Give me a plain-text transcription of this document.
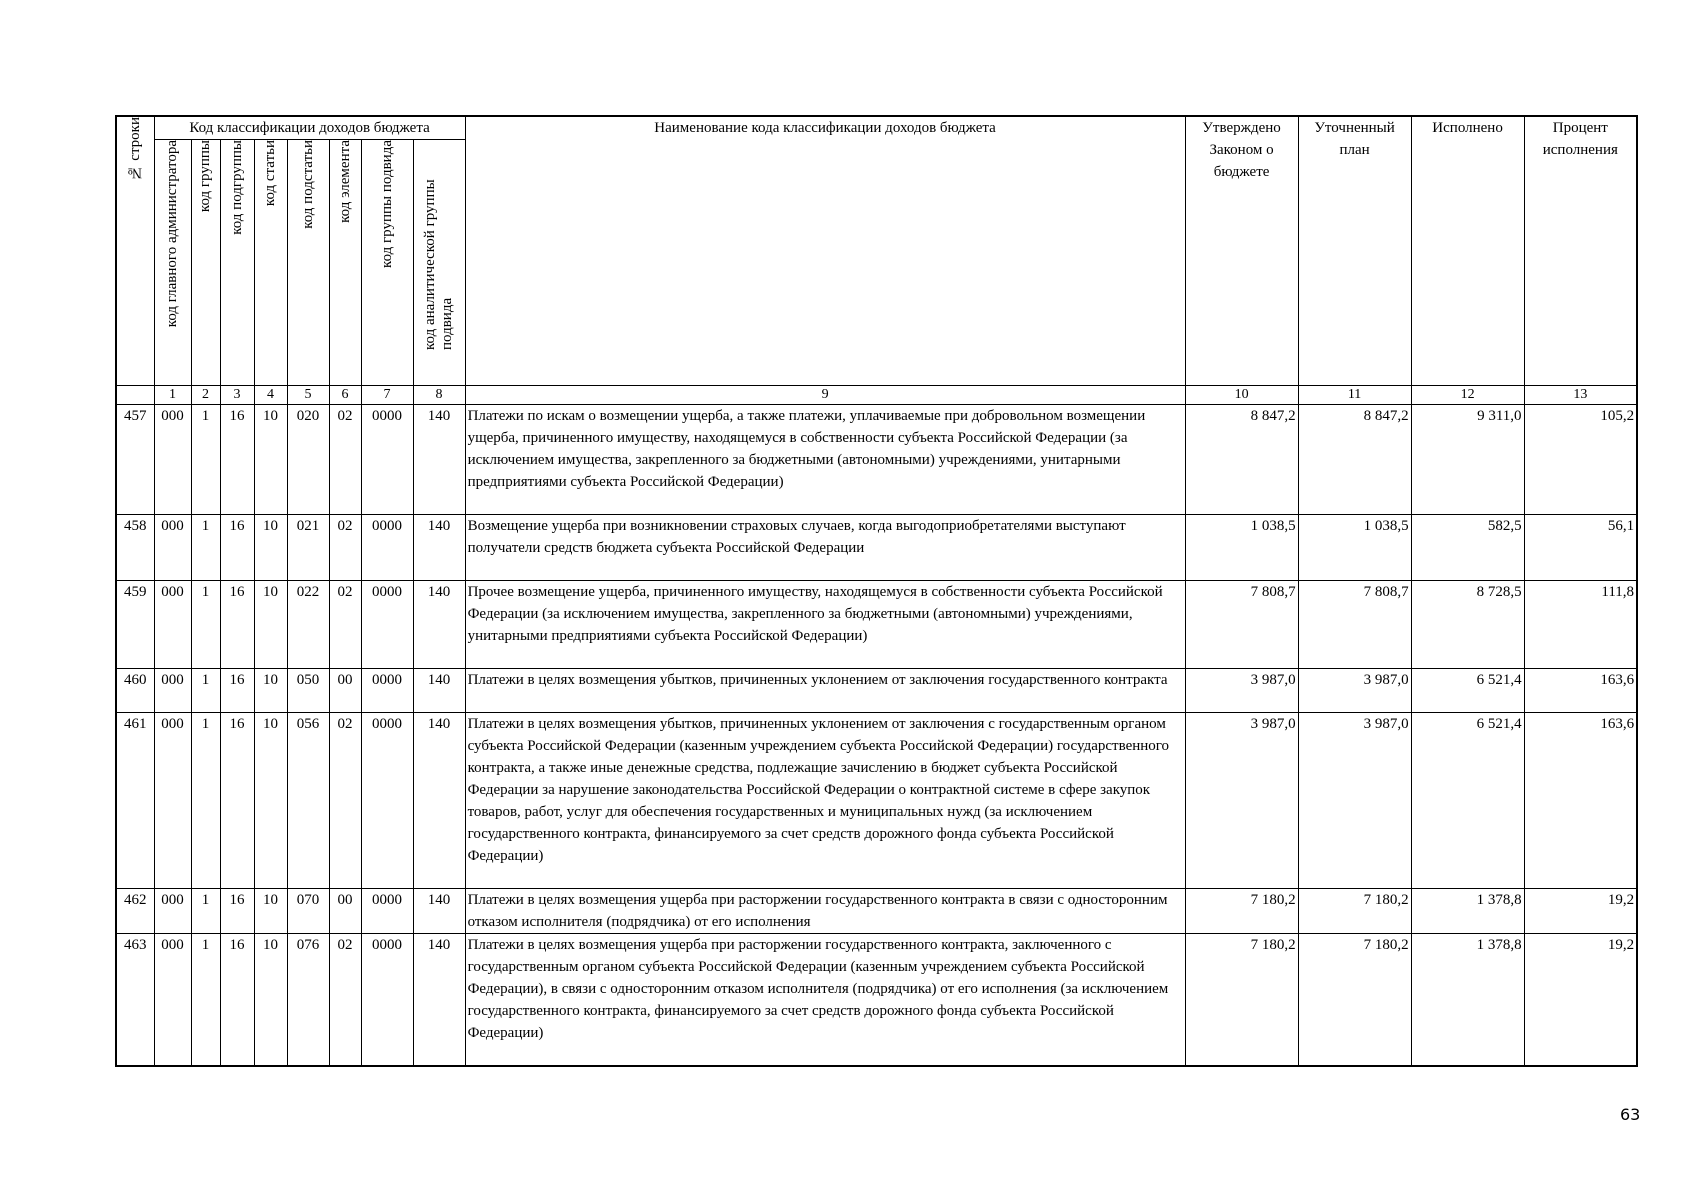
№ строки	Код классификации доходов бюджета								Наименование кода классификации доходов бюджета	Утверждено Законом о бюджете	Уточненный план	Исполнено	Процент исполнения
	код главного администратора	код группы	код подгруппы	код статьи	код подстатьи	код элемента	код группы подвида	код аналитической группы подвида					
	1	2	3	4	5	6	7	8	9	10	11	12	13
457	000	1	16	10	020	02	0000	140	Платежи по искам о возмещении ущерба, а также платежи, уплачиваемые при добровольном возмещении ущерба, причиненного имуществу, находящемуся в собственности субъекта Российской Федерации (за исключением имущества, закрепленного за бюджетными (автономными) учреждениями, унитарными предприятиями субъекта Российской Федерации)	8 847,2	8 847,2	9 311,0	105,2
458	000	1	16	10	021	02	0000	140	Возмещение ущерба при возникновении страховых случаев, когда выгодоприобретателями выступают получатели средств бюджета субъекта Российской Федерации	1 038,5	1 038,5	582,5	56,1
459	000	1	16	10	022	02	0000	140	Прочее возмещение ущерба, причиненного имуществу, находящемуся в собственности субъекта Российской Федерации (за исключением имущества, закрепленного за бюджетными (автономными) учреждениями, унитарными предприятиями субъекта Российской Федерации)	7 808,7	7 808,7	8 728,5	111,8
460	000	1	16	10	050	00	0000	140	Платежи в целях возмещения убытков, причиненных уклонением от заключения государственного контракта	3 987,0	3 987,0	6 521,4	163,6
461	000	1	16	10	056	02	0000	140	Платежи в целях возмещения убытков, причиненных уклонением от заключения с государственным органом субъекта Российской Федерации (казенным учреждением субъекта Российской Федерации) государственного контракта, а также иные денежные средства, подлежащие зачислению в бюджет субъекта Российской Федерации за нарушение законодательства Российской Федерации о контрактной системе в сфере закупок товаров, работ, услуг для обеспечения государственных и муниципальных нужд (за исключением государственного контракта, финансируемого за счет средств дорожного фонда субъекта Российской Федерации)	3 987,0	3 987,0	6 521,4	163,6
462	000	1	16	10	070	00	0000	140	Платежи в целях возмещения ущерба при расторжении государственного контракта в связи с односторонним отказом исполнителя (подрядчика) от его исполнения	7 180,2	7 180,2	1 378,8	19,2
463	000	1	16	10	076	02	0000	140	Платежи в целях возмещения ущерба при расторжении государственного контракта, заключенного с государственным органом субъекта Российской Федерации (казенным учреждением субъекта Российской Федерации), в связи с односторонним отказом исполнителя (подрядчика) от его исполнения (за исключением государственного контракта, финансируемого за счет средств дорожного фонда субъекта Российской Федерации)	7 180,2	7 180,2	1 378,8	19,2
63
